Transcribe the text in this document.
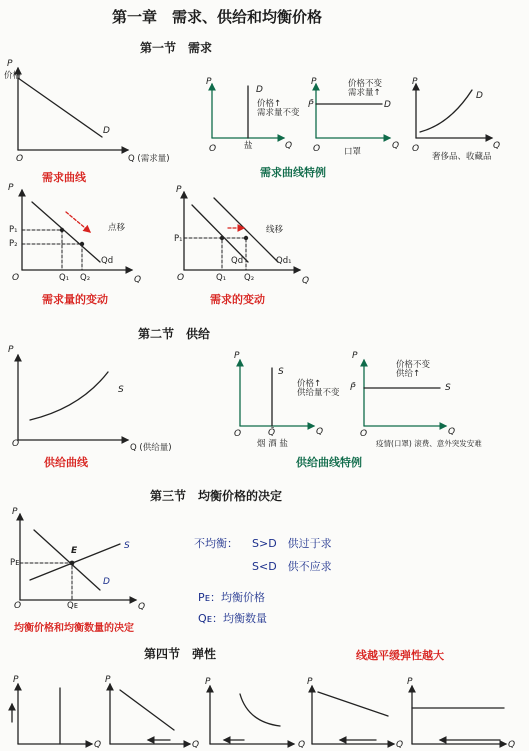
第一章　需求、供给和均衡价格
第一节　需求
P
价格
O	Q (需求量)
D
需求曲线
P
O	Q
D
价格↑
需求量不变
盐
P
P̄
O	Q
D
价格不变
需求量↑
口罩
P
O	Q
D
奢侈品、收藏品
需求曲线特例
P
P₁
P₂
O	Q₁ Q₂	Q
Qd
点移
需求量的变动
P
P₁
O	Q₁ Q₂	Q
Qd	Qd₁
线移
需求的变动
第二节　供给
P
O	Q (供给量)
S
供给曲线
P
O	Q
Q̄
S
价格↑
供给量不变
烟 酒 盐
P
P̄
O	Q
S
价格不变
供给↑
疫情(口罩) 滚费、意外突发安难
供给曲线特例
第三节　均衡价格的决定
P
Pᴇ
O	Qᴇ	Q
E	S
D
均衡价格和均衡数量的决定
不均衡： S>D　供过于求
S<D　供不应求
Pᴇ：均衡价格
Qᴇ：均衡数量
第四节　弹性	线越平缓弹性越大
P	P	P	P	P
Q	Q	Q	Q	Q
